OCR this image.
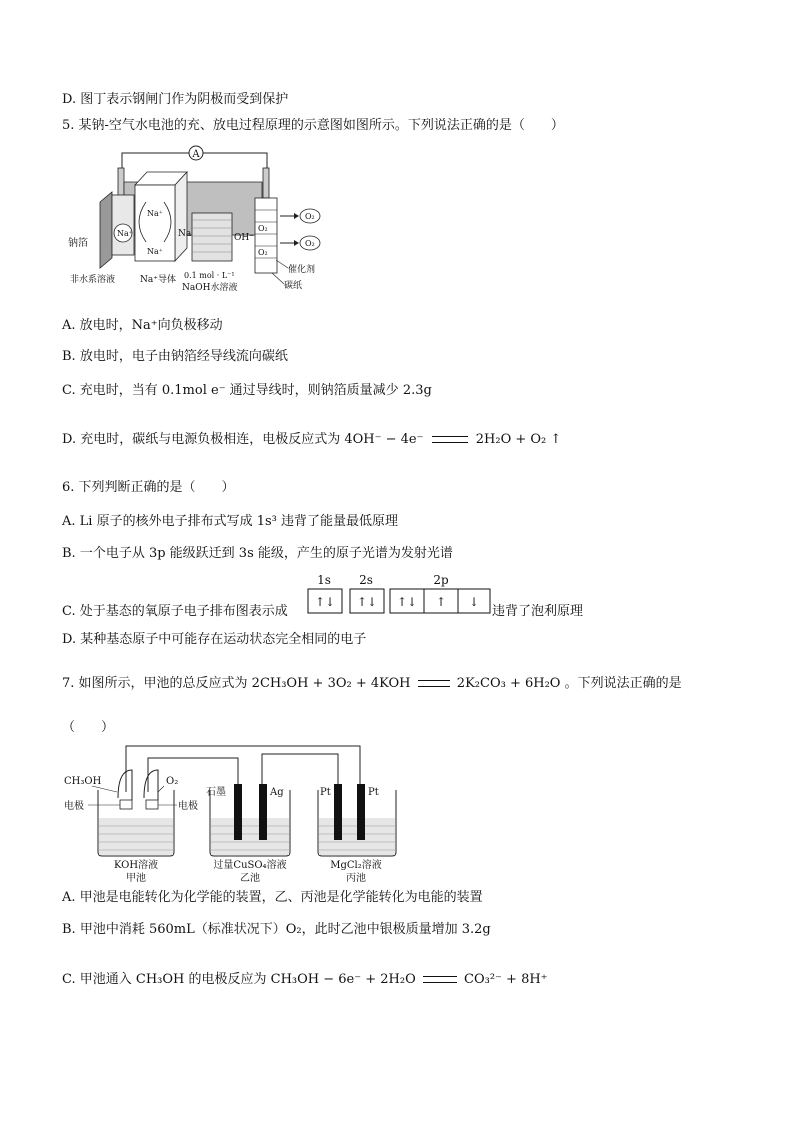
D. 图丁表示钢闸门作为阴极而受到保护
5. 某钠-空气水电池的充、放电过程原理的示意图如图所示。下列说法正确的是（　　）
A
Na⁺
Na⁺
Na⁺
Na	OH⁻
O₂
O₂
O₂
O₂
钠箔
非水系溶液	Na⁺导体 0.1 mol · L⁻¹
NaOH水溶液
催化剂
碳纸
A. 放电时，Na⁺向负极移动
B. 放电时，电子由钠箔经导线流向碳纸
C. 充电时，当有 0.1mol e⁻ 通过导线时，则钠箔质量减少 2.3g
D. 充电时，碳纸与电源负极相连，电极反应式为 4OH⁻ − 4e⁻	2H₂O + O₂ ↑
6. 下列判断正确的是（　　）
A. Li 原子的核外电子排布式写成 1s³ 违背了能量最低原理
B. 一个电子从 3p 能级跃迁到 3s 能级，产生的原子光谱为发射光谱
C. 处于基态的氧原子电子排布图表示成
1s 2s	2p
↑↓ ↑↓ ↑↓ ↑ ↓
违背了泡利原理
D. 某种基态原子中可能存在运动状态完全相同的电子
7. 如图所示，甲池的总反应式为 2CH₃OH + 3O₂ + 4KOH	2K₂CO₃ + 6H₂O 。下列说法正确的是
（　　）
CH₃OH	O₂
电极	电极
KOH溶液
甲池
石墨	Ag
过量CuSO₄溶液
乙池
Pt	Pt
MgCl₂溶液
丙池
A. 甲池是电能转化为化学能的装置，乙、丙池是化学能转化为电能的装置
B. 甲池中消耗 560mL（标准状况下）O₂，此时乙池中银极质量增加 3.2g
C. 甲池通入 CH₃OH 的电极反应为 CH₃OH − 6e⁻ + 2H₂O	CO₃²⁻ + 8H⁺
